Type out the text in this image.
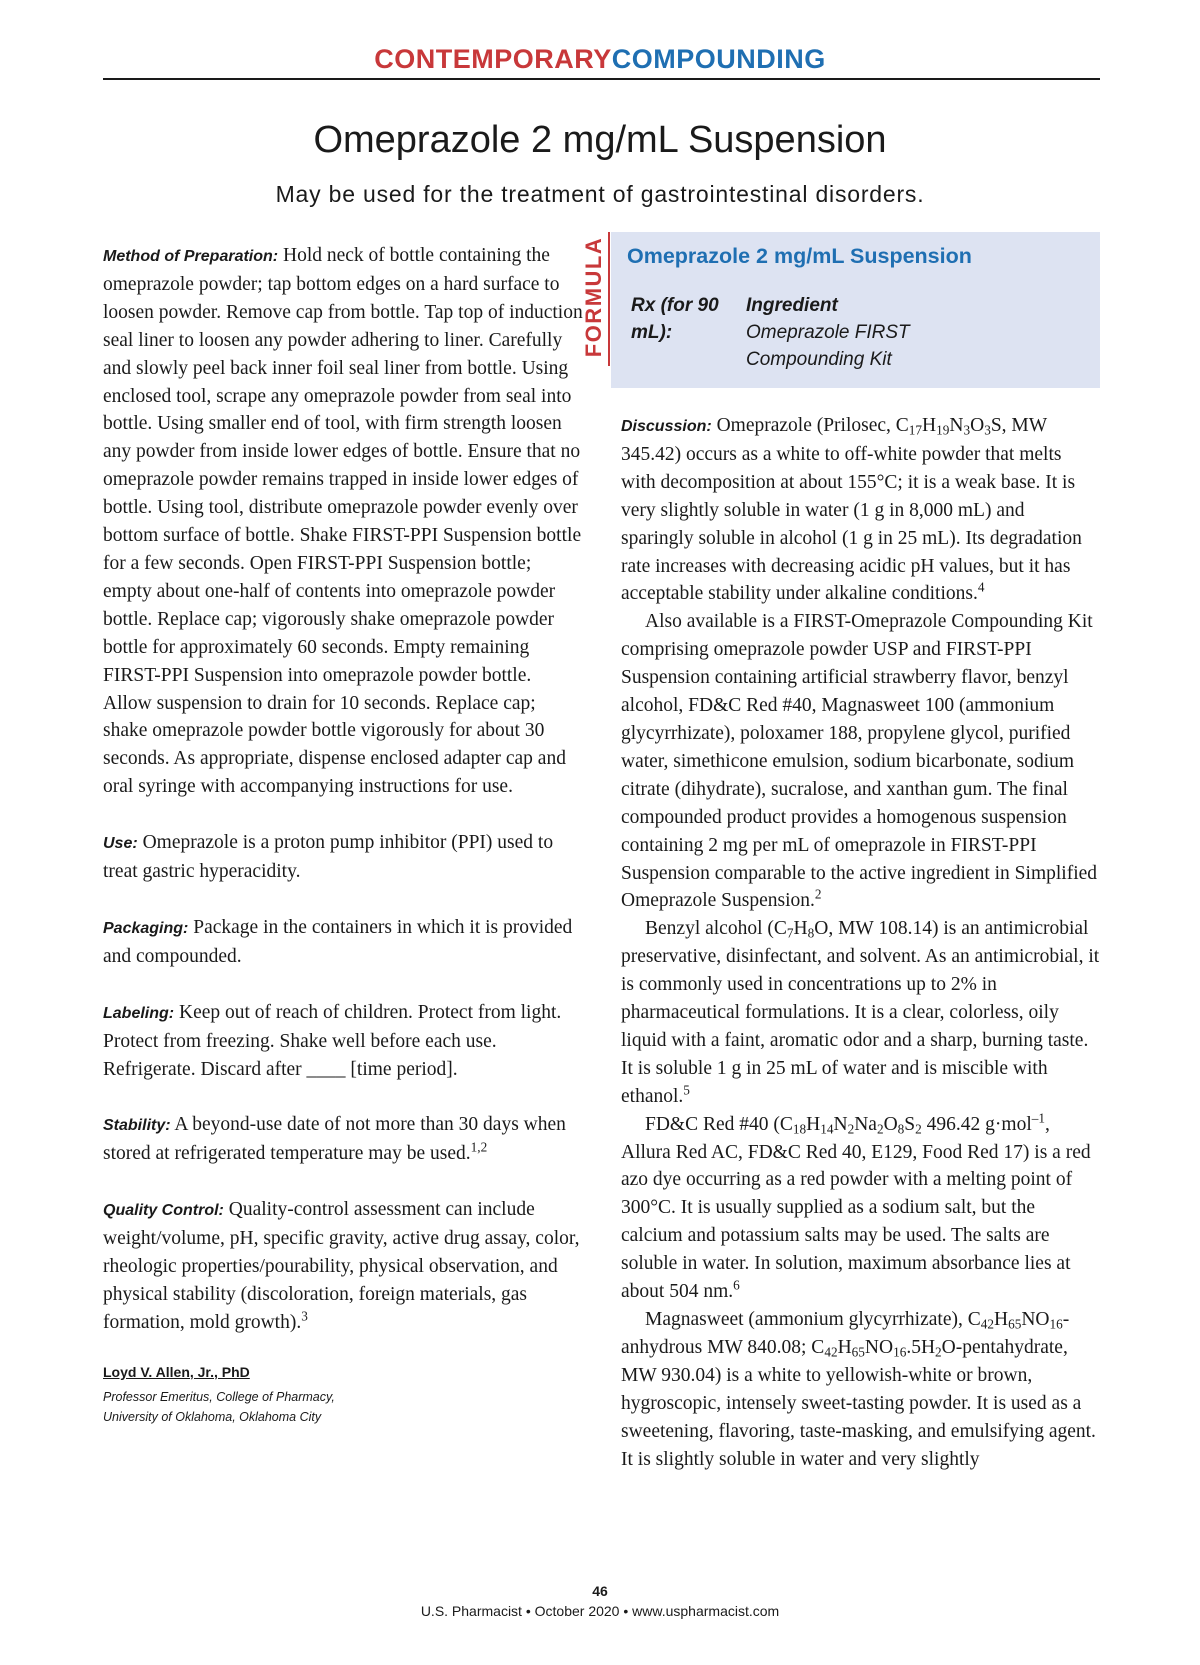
CONTEMPORARYCOMPOUNDING
Omeprazole 2 mg/mL Suspension
May be used for the treatment of gastrointestinal disorders.

Method of Preparation: Hold neck of bottle containing the omeprazole powder; tap bottom edges on a hard surface to loosen powder. Remove cap from bottle. Tap top of induction seal liner to loosen any powder adhering to liner. Carefully and slowly peel back inner foil seal liner from bottle. Using enclosed tool, scrape any omeprazole powder from seal into bottle. Using smaller end of tool, with firm strength loosen any powder from inside lower edges of bottle. Ensure that no omeprazole powder remains trapped in inside lower edges of bottle. Using tool, distribute omeprazole powder evenly over bottom surface of bottle. Shake FIRST-PPI Suspension bottle for a few seconds. Open FIRST-PPI Suspension bottle; empty about one-half of contents into omeprazole powder bottle. Replace cap; vigorously shake omeprazole powder bottle for approximately 60 seconds. Empty remaining FIRST-PPI Suspension into omeprazole powder bottle. Allow suspension to drain for 10 seconds. Replace cap; shake omeprazole powder bottle vigorously for about 30 seconds. As appropriate, dispense enclosed adapter cap and oral syringe with accompanying instructions for use.

Use: Omeprazole is a proton pump inhibitor (PPI) used to treat gastric hyperacidity.

Packaging: Package in the containers in which it is provided and compounded.

Labeling: Keep out of reach of children. Protect from light. Protect from freezing. Shake well before each use. Refrigerate. Discard after ____ [time period].

Stability: A beyond-use date of not more than 30 days when stored at refrigerated temperature may be used.$^{1,2}$

Quality Control: Quality-control assessment can include weight/volume, pH, specific gravity, active drug assay, color, rheologic properties/pourability, physical observation, and physical stability (discoloration, foreign materials, gas formation, mold growth).$^3$

Loyd V. Allen, Jr., PhD
Professor Emeritus, College of Pharmacy,
University of Oklahoma, Oklahoma City
FORMULA Omeprazole 2 mg/mL Suspension
Rx (for 90 mL):
Ingredient
Omeprazole FIRST Compounding Kit

Discussion: Omeprazole (Prilosec, $C_{17}H_{19}N_3O_3S$, MW 345.42) occurs as a white to off-white powder that melts with decomposition at about 155°C; it is a weak base. It is very slightly soluble in water (1 g in 8,000 mL) and sparingly soluble in alcohol (1 g in 25 mL). Its degradation rate increases with decreasing acidic pH values, but it has acceptable stability under alkaline conditions.$^4$

Also available is a FIRST-Omeprazole Compounding Kit comprising omeprazole powder USP and FIRST-PPI Suspension containing artificial strawberry flavor, benzyl alcohol, FD&C Red #40, Magnasweet 100 (ammonium glycyrrhizate), poloxamer 188, propylene glycol, purified water, simethicone emulsion, sodium bicarbonate, sodium citrate (dihydrate), sucralose, and xanthan gum. The final compounded product provides a homogenous suspension containing 2 mg per mL of omeprazole in FIRST-PPI Suspension comparable to the active ingredient in Simplified Omeprazole Suspension.$^2$

Benzyl alcohol ($C_7H_8O$, MW 108.14) is an antimicrobial preservative, disinfectant, and solvent. As an antimicrobial, it is commonly used in concentrations up to 2% in pharmaceutical formulations. It is a clear, colorless, oily liquid with a faint, aromatic odor and a sharp, burning taste. It is soluble 1 g in 25 mL of water and is miscible with ethanol.$^5$

FD&C Red #40 ($C_{18}H_{14}N_2Na_2O_8S_2$ 496.42 g·mol$^{-1}$, Allura Red AC, FD&C Red 40, E129, Food Red 17) is a red azo dye occurring as a red powder with a melting point of 300°C. It is usually supplied as a sodium salt, but the calcium and potassium salts may be used. The salts are soluble in water. In solution, maximum absorbance lies at about 504 nm.$^6$

Magnasweet (ammonium glycyrrhizate), $C_{42}H_{65}NO_{16}$-anhydrous MW 840.08; $C_{42}H_{65}NO_{16}.5H_2O$-pentahydrate, MW 930.04) is a white to yellowish-white or brown, hygroscopic, intensely sweet-tasting powder. It is used as a sweetening, flavoring, taste-masking, and emulsifying agent. It is slightly soluble in water and very slightly

46
U.S. Pharmacist • October 2020 • www.uspharmacist.com
